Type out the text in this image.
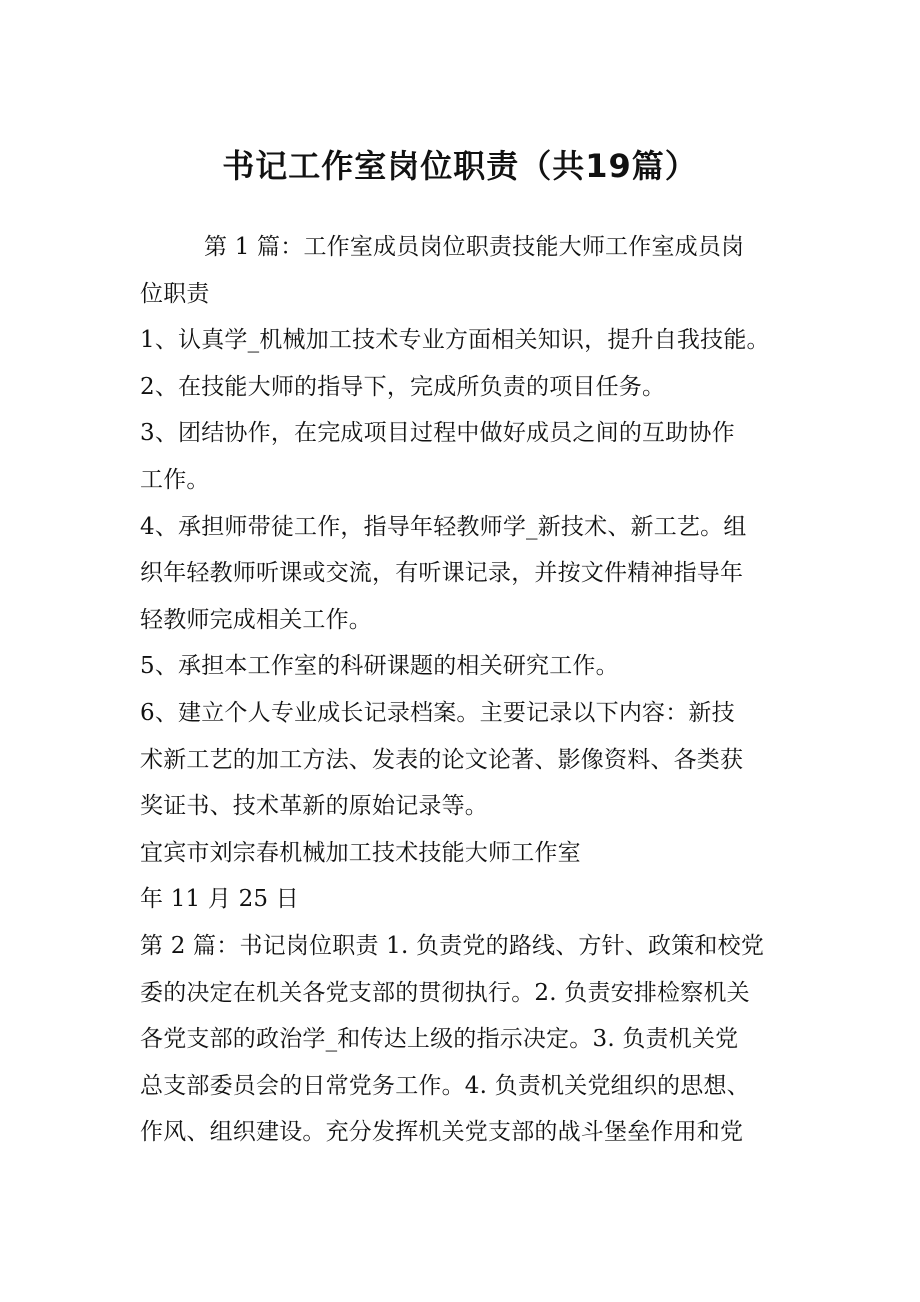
书记工作室岗位职责（共19篇）

第 1 篇：工作室成员岗位职责技能大师工作室成员岗

位职责

1、认真学_机械加工技术专业方面相关知识，提升自我技能。

2、在技能大师的指导下，完成所负责的项目任务。

3、团结协作，在完成项目过程中做好成员之间的互助协作

工作。

4、承担师带徒工作，指导年轻教师学_新技术、新工艺。组

织年轻教师听课或交流，有听课记录，并按文件精神指导年

轻教师完成相关工作。

5、承担本工作室的科研课题的相关研究工作。

6、建立个人专业成长记录档案。主要记录以下内容：新技

术新工艺的加工方法、发表的论文论著、影像资料、各类获

奖证书、技术革新的原始记录等。

宜宾市刘宗春机械加工技术技能大师工作室

年 11 月 25 日

第 2 篇：书记岗位职责 1. 负责党的路线、方针、政策和校党

委的决定在机关各党支部的贯彻执行。2. 负责安排检察机关

各党支部的政治学_和传达上级的指示决定。3. 负责机关党

总支部委员会的日常党务工作。4. 负责机关党组织的思想、

作风、组织建设。充分发挥机关党支部的战斗堡垒作用和党
